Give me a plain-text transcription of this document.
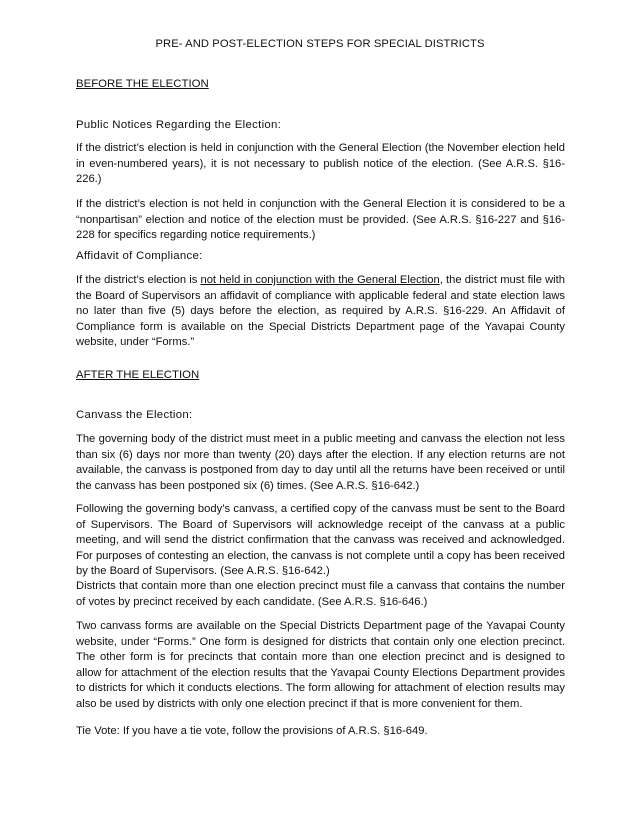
PRE- AND POST-ELECTION STEPS FOR SPECIAL DISTRICTS
BEFORE THE ELECTION
Public Notices Regarding the Election:

If the district’s election is held in conjunction with the General Election (the November election held in even-numbered years), it is not necessary to publish notice of the election. (See A.R.S. §16-226.)

If the district’s election is not held in conjunction with the General Election it is considered to be a “nonpartisan” election and notice of the election must be provided. (See A.R.S. §16-227 and §16-228 for specifics regarding notice requirements.)

Affidavit of Compliance:

If the district’s election is not held in conjunction with the General Election, the district must file with the Board of Supervisors an affidavit of compliance with applicable federal and state election laws no later than five (5) days before the election, as required by A.R.S. §16-229. An Affidavit of Compliance form is available on the Special Districts Department page of the Yavapai County website, under “Forms.”

AFTER THE ELECTION
Canvass the Election:

The governing body of the district must meet in a public meeting and canvass the election not less than six (6) days nor more than twenty (20) days after the election. If any election returns are not available, the canvass is postponed from day to day until all the returns have been received or until the canvass has been postponed six (6) times. (See A.R.S. §16-642.)

Following the governing body’s canvass, a certified copy of the canvass must be sent to the Board of Supervisors. The Board of Supervisors will acknowledge receipt of the canvass at a public meeting, and will send the district confirmation that the canvass was received and acknowledged. For purposes of contesting an election, the canvass is not complete until a copy has been received by the Board of Supervisors. (See A.R.S. §16-642.)

Districts that contain more than one election precinct must file a canvass that contains the number of votes by precinct received by each candidate. (See A.R.S. §16-646.)

Two canvass forms are available on the Special Districts Department page of the Yavapai County website, under “Forms.” One form is designed for districts that contain only one election precinct. The other form is for precincts that contain more than one election precinct and is designed to allow for attachment of the election results that the Yavapai County Elections Department provides to districts for which it conducts elections. The form allowing for attachment of election results may also be used by districts with only one election precinct if that is more convenient for them.

Tie Vote: If you have a tie vote, follow the provisions of A.R.S. §16-649.
